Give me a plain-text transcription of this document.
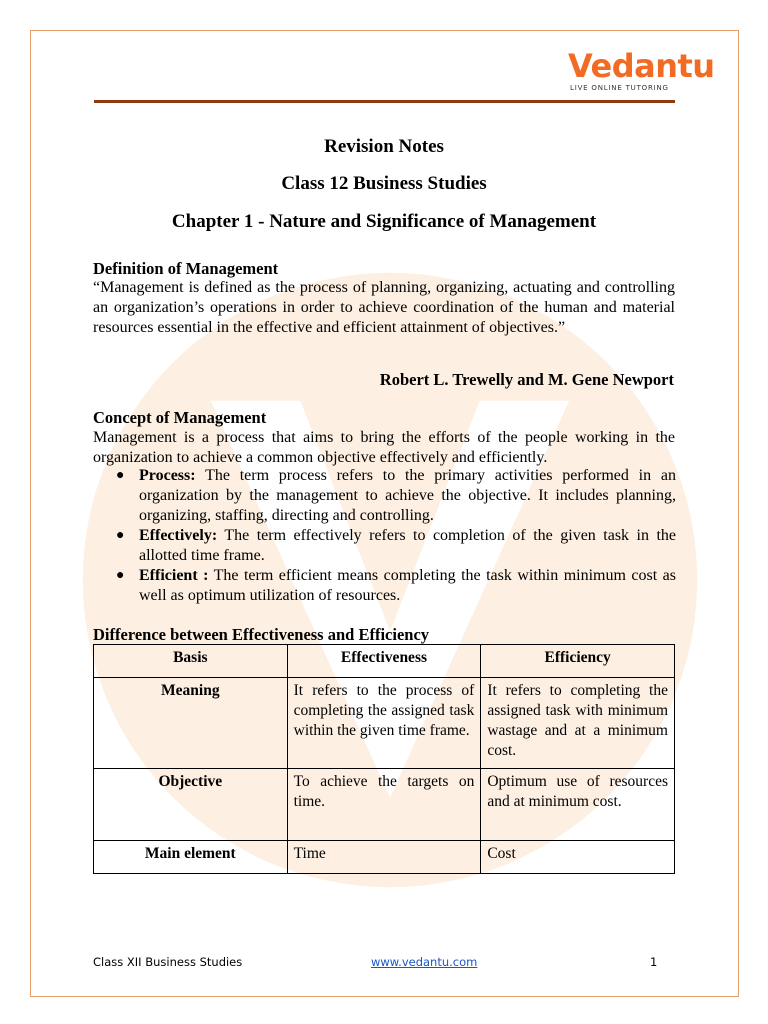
Vedantu
LIVE ONLINE TUTORING
Revision Notes
Class 12 Business Studies
Chapter 1 - Nature and Significance of Management
Definition of Management
“Management is defined as the process of planning, organizing, actuating and controlling an organization’s operations in order to achieve coordination of the human and material resources essential in the effective and efficient attainment of objectives.”
Robert L. Trewelly and M. Gene Newport
Concept of Management
Management is a process that aims to bring the efforts of the people working in the organization to achieve a common objective effectively and efficiently.
● Process: The term process refers to the primary activities performed in an organization by the management to achieve the objective. It includes planning, organizing, staffing, directing and controlling.
● Effectively: The term effectively refers to completion of the given task in the allotted time frame.
● Efficient : The term efficient means completing the task within minimum cost as well as optimum utilization of resources.
Difference between Effectiveness and Efficiency
Basis	Effectiveness	Efficiency
Meaning	It refers to the process of completing the assigned task within the given time frame.	It refers to completing the assigned task with minimum wastage and at a minimum cost.
Objective	To achieve the targets on time.	Optimum use of resources and at minimum cost.
Main element	Time	Cost
Class XII Business Studies	www.vedantu.com	1
